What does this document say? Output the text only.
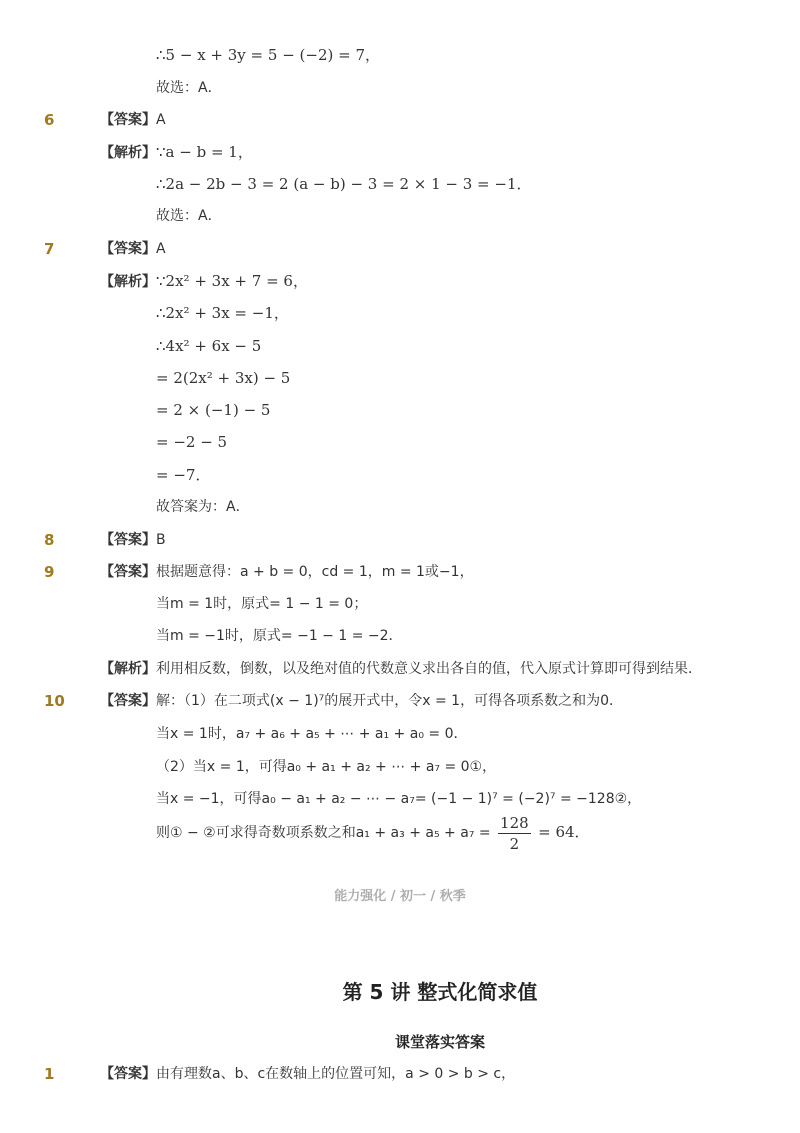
∴5 − x + 3y = 5 − (−2) = 7，
故选：A．
6	【答案】A
【解析】∵a − b = 1，
∴2a − 2b − 3 = 2 (a − b) − 3 = 2 × 1 − 3 = −1．
故选：A．
7	【答案】A
【解析】∵2x² + 3x + 7 = 6，
∴2x² + 3x = −1，
∴4x² + 6x − 5
= 2(2x² + 3x) − 5
= 2 × (−1) − 5
= −2 − 5
= −7．
故答案为：A．
8	【答案】B
9	【答案】根据题意得：a + b = 0，cd = 1，m = 1或−1，
当m = 1时，原式= 1 − 1 = 0；
当m = −1时，原式= −1 − 1 = −2．
【解析】利用相反数，倒数，以及绝对值的代数意义求出各自的值，代入原式计算即可得到结果．
10	【答案】解：（1）在二项式(x − 1)⁷的展开式中，令x = 1，可得各项系数之和为0．
当x = 1时，a₇ + a₆ + a₅ + ⋯ + a₁ + a₀ = 0．
（2）当x = 1，可得a₀ + a₁ + a₂ + ⋯ + a₇ = 0①，
当x = −1，可得a₀ − a₁ + a₂ − ⋯ − a₇= (−1 − 1)⁷ = (−2)⁷ = −128②，
则① − ②可求得奇数项系数之和$a_1 + a_3 + a_5 + a_7 = \frac{128}{2} = 64$．
能力强化 / 初一 / 秋季
第 5 讲 整式化简求值
课堂落实答案
1	【答案】由有理数a、b、c在数轴上的位置可知，a > 0 > b > c，
